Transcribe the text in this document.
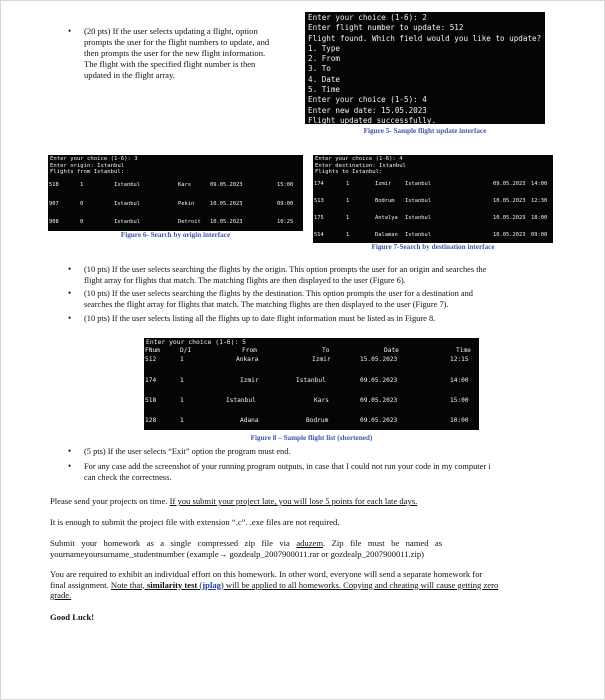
• (20 pts) If the user selects updating a flight, option
prompts the user for the flight numbers to update, and
then prompts the user for the new flight information.
The flight with the specified flight number is then
updated in the flight array.
Enter your choice (1-6): 2
Enter flight number to update: 512
Flight found. Which field would you like to update?
1. Type
2. From
3. To
4. Date
5. Time
Enter your choice (1-5): 4
Enter new date: 15.05.2023
Flight updated successfully.
Figure 5- Sample flight update interface
Enter your choice (1-6): 3
Enter origin: Istanbul
Flights from Istanbul:
518	1	Istanbul	Kars	09.05.2023	15:00
907	0	Istanbul	Pekin	10.05.2023	09:00
908	0	Istanbul	Detroit 10.05.2023	10:25
Figure 6- Search by origin interface
Enter your choice (1-6): 4
Enter destination: Istanbul
Flights to Istanbul:
174	1	Izmir	Istanbul	09.05.2023 14:00
513	1	Bodrum Istanbul	10.05.2023 12:30
175	1	Antalya Istanbul	10.05.2023 18:00
514	1	Dalaman Istanbul	10.05.2023 09:00
Figure 7-Search by destination interface
• (10 pts) If the user selects searching the flights by the origin. This option prompts the user for an origin and searches the
flight array for flights that match. The matching flights are then displayed to the user (Figure 6).
• (10 pts) If the user selects searching the flights by the destination. This option prompts the user for a destination and
searches the flight array for flights that match. The matching flights are then displayed to the user (Figure 7).
• (10 pts) If the user selects listing all the flights up to date flight information must be listed as in Figure 8.
Enter your choice (1-6): 5
FNum	D/I	From	To	Date	Time
512	1	Ankara	Izmir	15.05.2023	12:15
174	1	Izmir	Istanbul	09.05.2023	14:00
518	1	Istanbul	Kars	09.05.2023	15:00
128	1	Adana	Bodrum	09.05.2023	10:00
Figure 8 – Sample flight list (shortened)
• (5 pts) If the user selects “Exit” option the program must end.
• For any case add the screenshot of your running program outputs, in case that I could not run your code in my computer i
can check the correctness.
Please send your projects on time. If you submit your project late, you will lose 5 points for each late days.
It is enough to submit the project file with extension “.c”. .exe files are not required.
Submit   your   homework   as   a   single   compressed   zip   file   via   aduzem.   Zip   file   must   be   named   as
yournameyoursurname_studentnumber (example→ gozdealp_2007900011.rar or gozdealp_2007900011.zip)
You are required to exhibit an individual effort on this homework. In other word, everyone will send a separate homework for
final assignment. Note that, similarity test (jplag) will be applied to all homeworks. Copying and cheating will cause getting zero
grade.
Good Luck!
